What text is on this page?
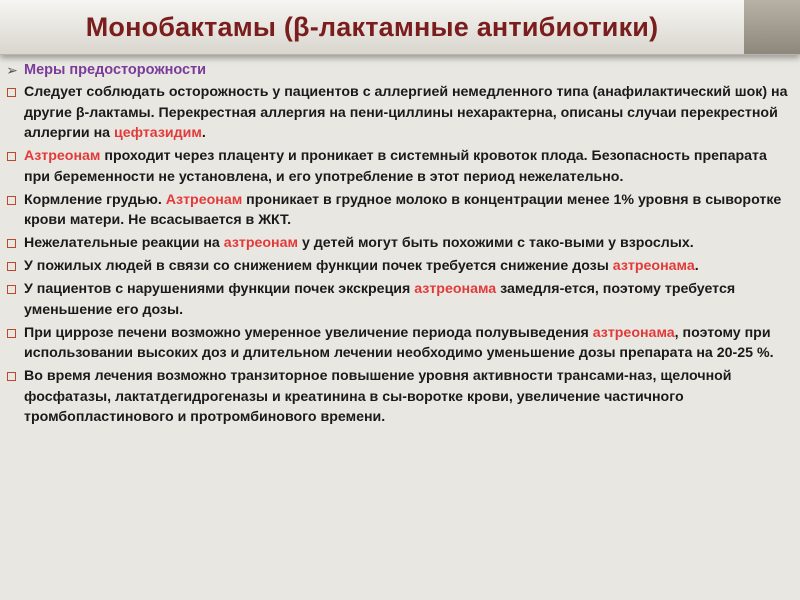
Монобактамы (β-лактамные антибиотики)
➢ Меры предосторожности
Следует соблюдать осторожность у пациентов с аллергией немедленного типа (анафилактический шок) на другие β-лактамы. Перекрестная аллергия на пени-циллины нехарактерна, описаны случаи перекрестной аллергии на цефтазидим.
Азтреонам проходит через плаценту и проникает в системный кровоток плода. Безопасность препарата при беременности не установлена, и его употребление в этот период нежелательно.
Кормление грудью. Азтреонам проникает в грудное молоко в концентрации менее 1% уровня в сыворотке крови матери. Не всасывается в ЖКТ.
Нежелательные реакции на азтреонам у детей могут быть похожими с тако-выми у взрослых.
У пожилых людей в связи со снижением функции почек требуется снижение дозы азтреонама.
У пациентов с нарушениями функции почек экскреция азтреонама замедля-ется, поэтому требуется уменьшение его дозы.
При циррозе печени возможно умеренное увеличение периода полувыведения азтреонама, поэтому при использовании высоких доз и длительном лечении необходимо уменьшение дозы препарата на 20-25 %.
Во время лечения возможно транзиторное повышение уровня активности трансами-наз, щелочной фосфатазы, лактатдегидрогеназы и креатинина в сы-воротке крови, увеличение частичного тромбопластинового и протромбинового времени.
